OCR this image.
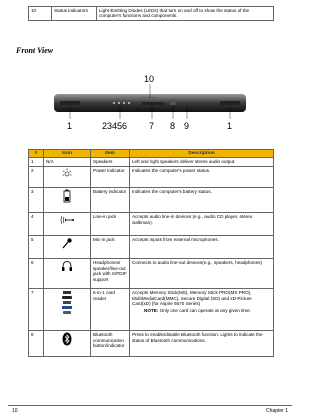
10	Status indicators	Light-Emitting Diodes (LEDs) that turn on and off to show the status of the computer's functions and components.
Front View
10
1	23456 7 8 9	1
#	Icon	Item	Description
1	N/A	Speakers	Left and right speakers deliver stereo audio output.
2		Power indicator	Indicates the computer's power status.
3		Battery indicator	Indicates the computer's battery status.
4		Line-in jack	Accepts audio line-in devices (e.g., audio CD player, stereo walkman).
5		Mic-in jack	Accepts inputs from external microphones.
6		Headphones/ speaker/line-out jack with S/PDIF support	Connects to audio line-out devices(e.g., speakers, headphones)
7		5-in-1 card reader	Accepts Memory Stick(MS), Memory Stick PRO(MS PRO), MultiMediaCard(MMC), Secure Digital (SD) and xD-Picture Card(xD) (for Aspire 5670 Series)
NOTE: Only one card can operate at any given time.

8		Bluetooth communication button/indicator	Press to enable/disable Bluetooth function. Lights to indicate the status of Bluetooth communications.
10	Chapter 1
